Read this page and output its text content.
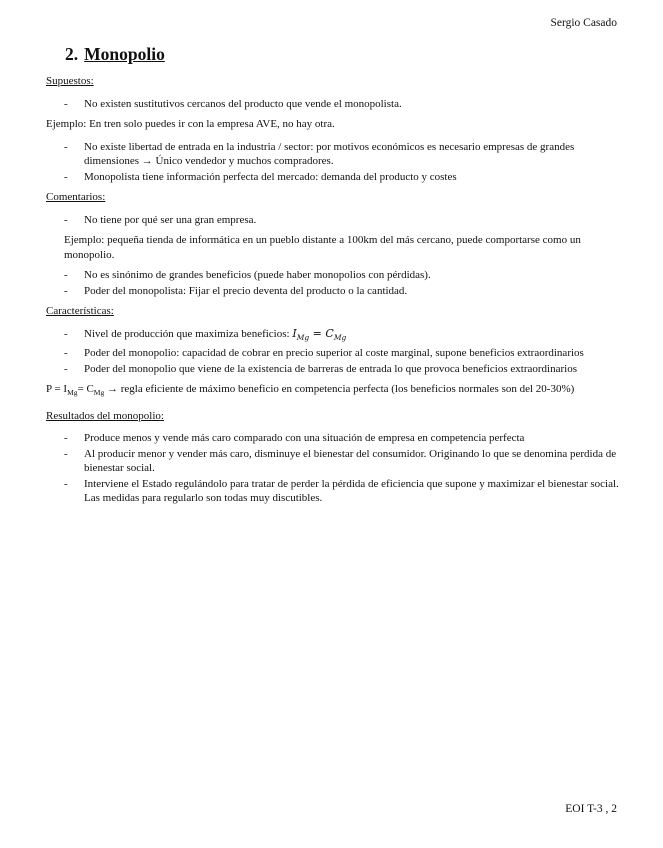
Sergio Casado
2. Monopolio
Supuestos:
- No existen sustitutivos cercanos del producto que vende el monopolista.
Ejemplo: En tren solo puedes ir con la empresa AVE, no hay otra.
- No existe libertad de entrada en la industria / sector: por motivos económicos es necesario empresas de grandes dimensiones → Único vendedor y muchos compradores.
- Monopolista tiene información perfecta del mercado: demanda del producto y costes
Comentarios:
- No tiene por qué ser una gran empresa.
Ejemplo: pequeña tienda de informática en un pueblo distante a 100km del más cercano, puede comportarse como un monopolio.
- No es sinónimo de grandes beneficios (puede haber monopolios con pérdidas).
- Poder del monopolista: Fijar el precio deventa del producto o la cantidad.
Características:
- Nivel de producción que maximiza beneficios: $I_{Mg} = C_{Mg}$
- Poder del monopolio: capacidad de cobrar en precio superior al coste marginal, supone beneficios extraordinarios
- Poder del monopolio que viene de la existencia de barreras de entrada lo que provoca beneficios extraordinarios
$P = I_{Mg}= C_{Mg}$ → regla eficiente de máximo beneficio en competencia perfecta (los beneficios normales son del 20-30%)
Resultados del monopolio:
- Produce menos y vende más caro comparado con una situación de empresa en competencia perfecta
- Al producir menor y vender más caro, disminuye el bienestar del consumidor. Originando lo que se denomina perdida de bienestar social.
- Interviene el Estado regulándolo para tratar de perder la pérdida de eficiencia que supone y maximizar el bienestar social. Las medidas para regularlo son todas muy discutibles.
EOI T-3 , 2
